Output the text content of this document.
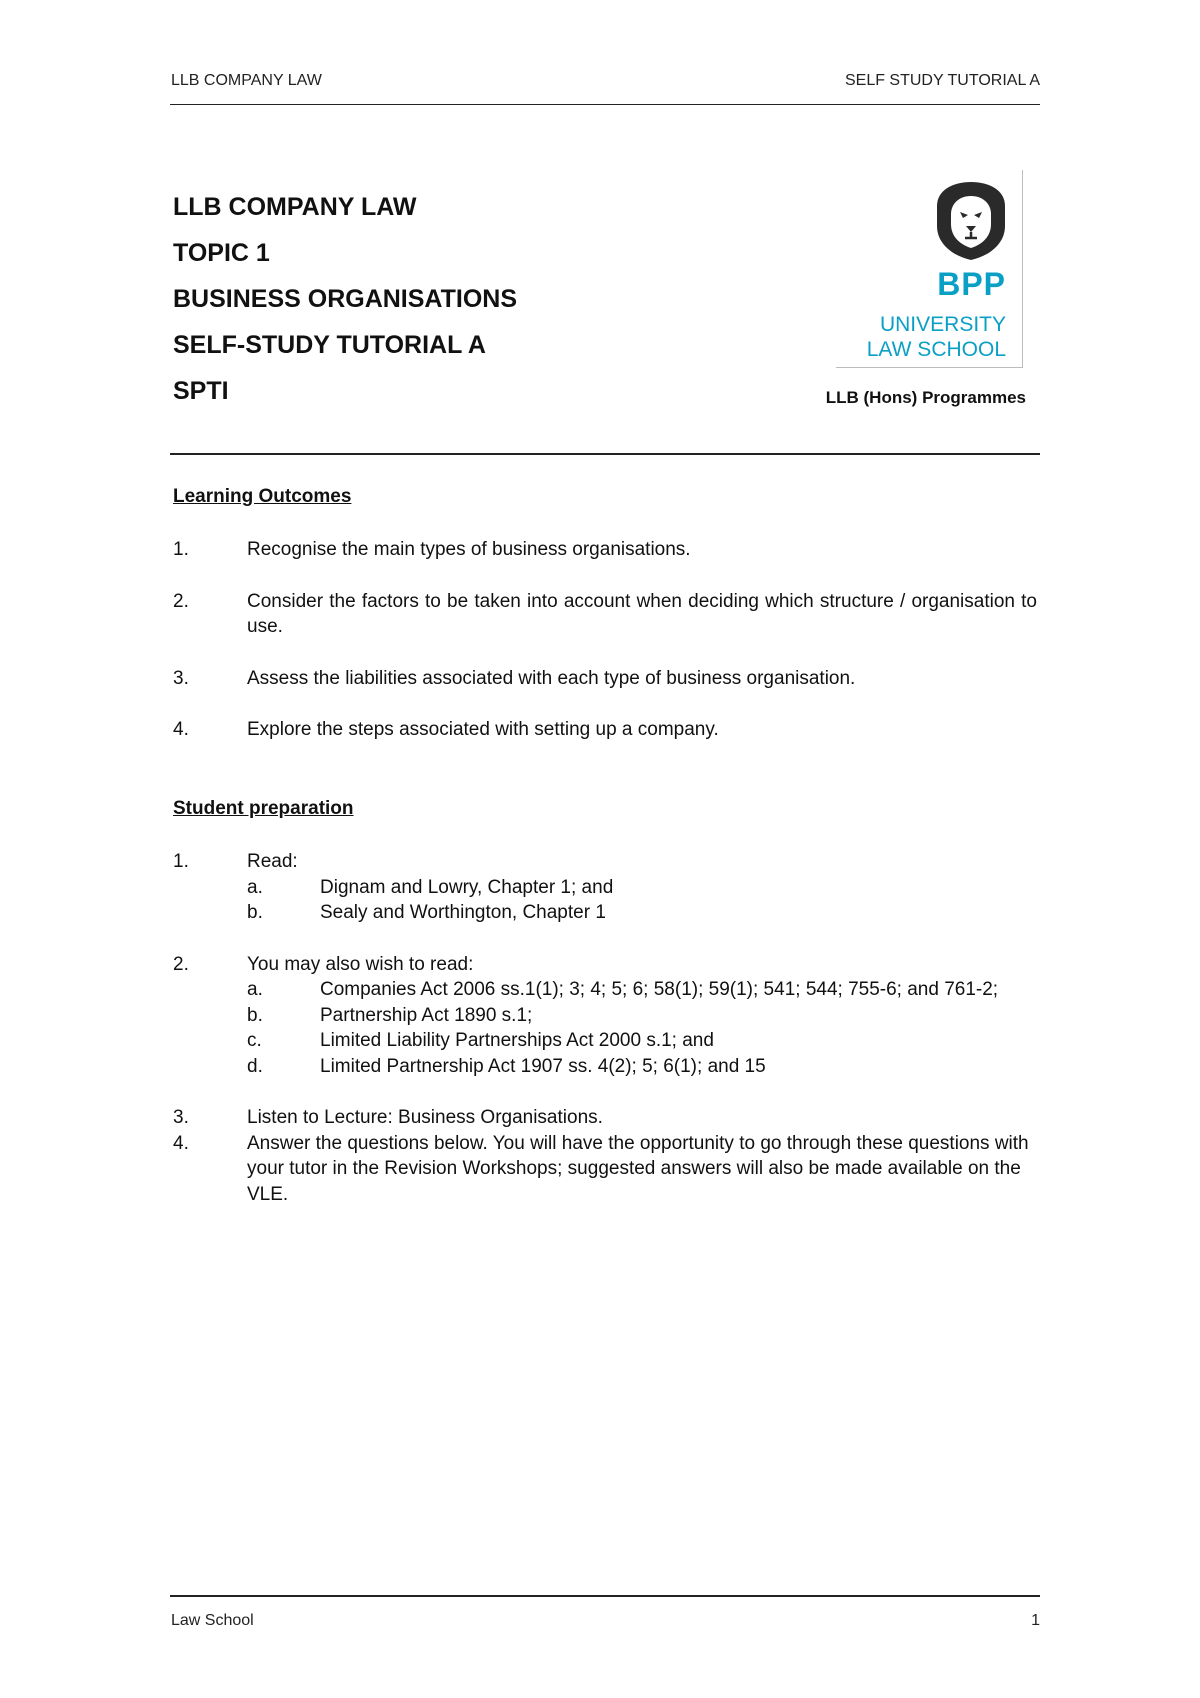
LLB COMPANY LAW	SELF STUDY TUTORIAL A
LLB COMPANY LAW
TOPIC 1
BUSINESS ORGANISATIONS
SELF-STUDY TUTORIAL A
SPTI
BPP
UNIVERSITY
LAW SCHOOL
LLB (Hons) Programmes
Learning Outcomes
1.	Recognise the main types of business organisations.
2.	Consider the factors to be taken into account when deciding which structure / organisation to use.
3.	Assess the liabilities associated with each type of business organisation.
4.	Explore the steps associated with setting up a company.
Student preparation
1.	Read:
a.	Dignam and Lowry, Chapter 1; and
b.	Sealy and Worthington, Chapter 1
2.	You may also wish to read:
a.	Companies Act 2006 ss.1(1); 3; 4; 5; 6; 58(1); 59(1); 541; 544; 755-6; and 761-2;
b.	Partnership Act 1890 s.1;
c.	Limited Liability Partnerships Act 2000 s.1; and
d.	Limited Partnership Act 1907 ss. 4(2); 5; 6(1); and 15
3.	Listen to Lecture: Business Organisations.
4.	Answer the questions below. You will have the opportunity to go through these questions with your tutor in the Revision Workshops; suggested answers will also be made available on the VLE.
Law School	1
